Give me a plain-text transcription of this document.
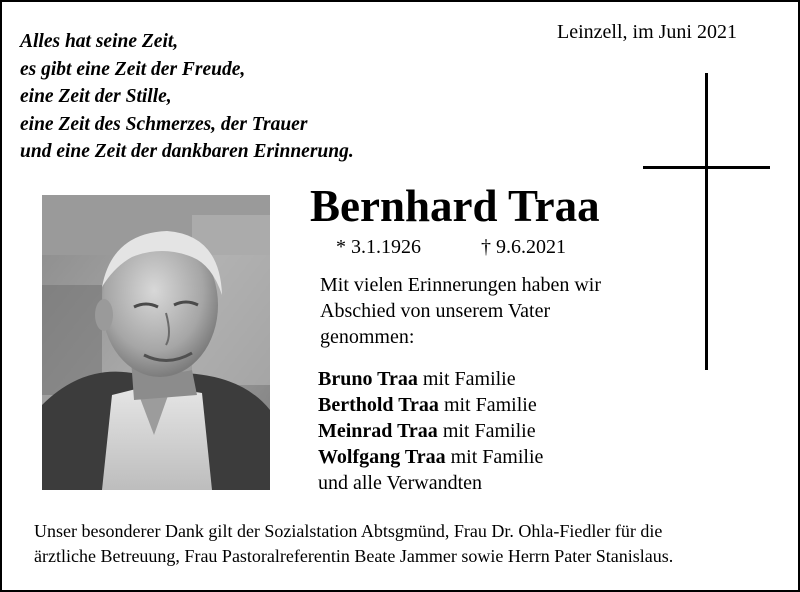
Alles hat seine Zeit,
es gibt eine Zeit der Freude,
eine Zeit der Stille,
eine Zeit des Schmerzes, der Trauer
und eine Zeit der dankbaren Erinnerung.
Leinzell, im Juni 2021
Bernhard Traa
* 3.1.1926	† 9.6.2021
Mit vielen Erinnerungen haben wir
Abschied von unserem Vater
genommen:
Bruno Traa mit Familie
Berthold Traa mit Familie
Meinrad Traa mit Familie
Wolfgang Traa mit Familie
und alle Verwandten
Unser besonderer Dank gilt der Sozialstation Abtsgmünd, Frau Dr. Ohla-Fiedler für die
ärztliche Betreuung, Frau Pastoralreferentin Beate Jammer sowie Herrn Pater Stanislaus.
